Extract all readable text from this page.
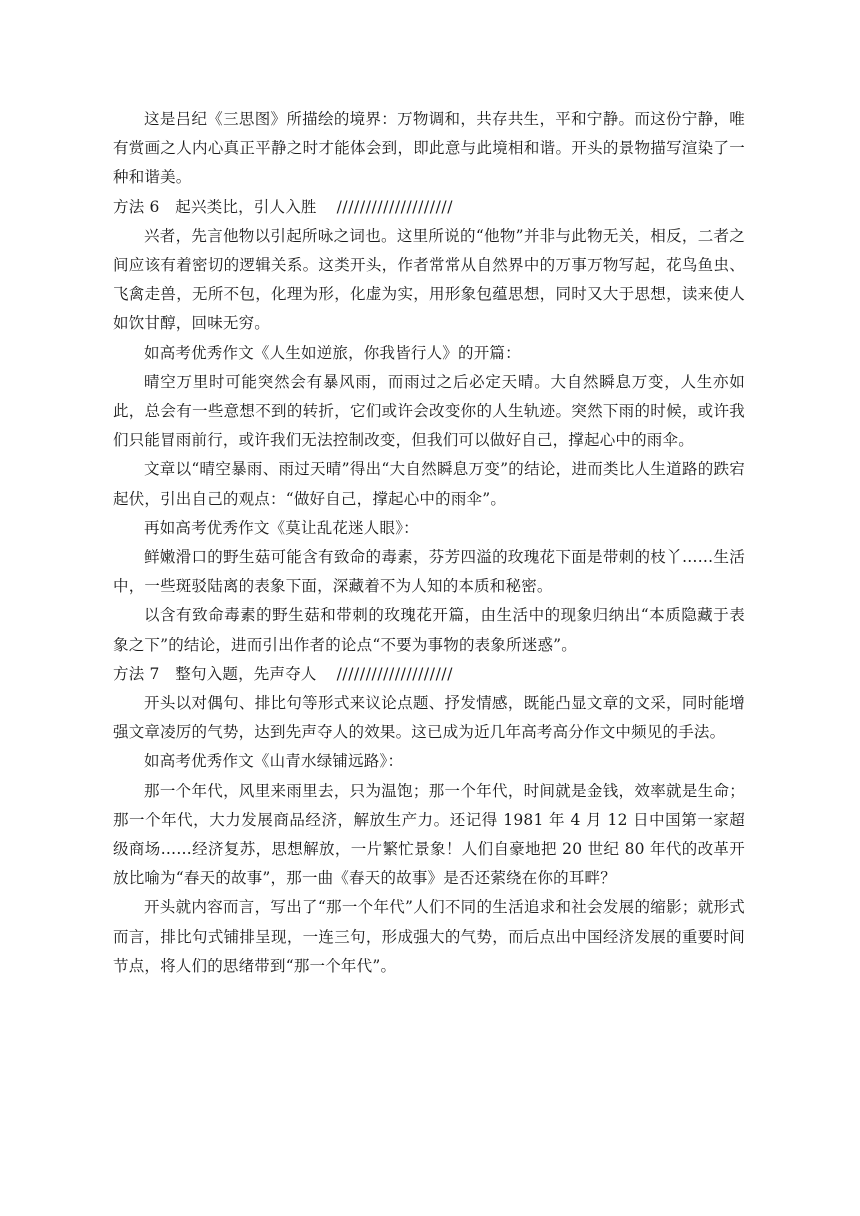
这是吕纪《三思图》所描绘的境界：万物调和，共存共生，平和宁静。而这份宁静，唯有赏画之人内心真正平静之时才能体会到，即此意与此境相和谐。开头的景物描写渲染了一种和谐美。

方法 6　起兴类比，引人入胜 ////////////////////

兴者，先言他物以引起所咏之词也。这里所说的“他物”并非与此物无关，相反，二者之间应该有着密切的逻辑关系。这类开头，作者常常从自然界中的万事万物写起，花鸟鱼虫、飞禽走兽，无所不包，化理为形，化虚为实，用形象包蕴思想，同时又大于思想，读来使人如饮甘醇，回味无穷。

如高考优秀作文《人生如逆旅，你我皆行人》的开篇：

晴空万里时可能突然会有暴风雨，而雨过之后必定天晴。大自然瞬息万变，人生亦如此，总会有一些意想不到的转折，它们或许会改变你的人生轨迹。突然下雨的时候，或许我们只能冒雨前行，或许我们无法控制改变，但我们可以做好自己，撑起心中的雨伞。

文章以“晴空暴雨、雨过天晴”得出“大自然瞬息万变”的结论，进而类比人生道路的跌宕起伏，引出自己的观点：“做好自己，撑起心中的雨伞”。

再如高考优秀作文《莫让乱花迷人眼》：

鲜嫩滑口的野生菇可能含有致命的毒素，芬芳四溢的玫瑰花下面是带刺的枝丫……生活中，一些斑驳陆离的表象下面，深藏着不为人知的本质和秘密。

以含有致命毒素的野生菇和带刺的玫瑰花开篇，由生活中的现象归纳出“本质隐藏于表象之下”的结论，进而引出作者的论点“不要为事物的表象所迷惑”。

方法 7　整句入题，先声夺人 ////////////////////

开头以对偶句、排比句等形式来议论点题、抒发情感，既能凸显文章的文采，同时能增强文章凌厉的气势，达到先声夺人的效果。这已成为近几年高考高分作文中频见的手法。

如高考优秀作文《山青水绿铺远路》：

那一个年代，风里来雨里去，只为温饱；那一个年代，时间就是金钱，效率就是生命；那一个年代，大力发展商品经济，解放生产力。还记得 1981 年 4 月 12 日中国第一家超级商场……经济复苏，思想解放，一片繁忙景象！人们自豪地把 20 世纪 80 年代的改革开放比喻为“春天的故事”，那一曲《春天的故事》是否还萦绕在你的耳畔？

开头就内容而言，写出了“那一个年代”人们不同的生活追求和社会发展的缩影；就形式而言，排比句式铺排呈现，一连三句，形成强大的气势，而后点出中国经济发展的重要时间节点，将人们的思绪带到“那一个年代”。
